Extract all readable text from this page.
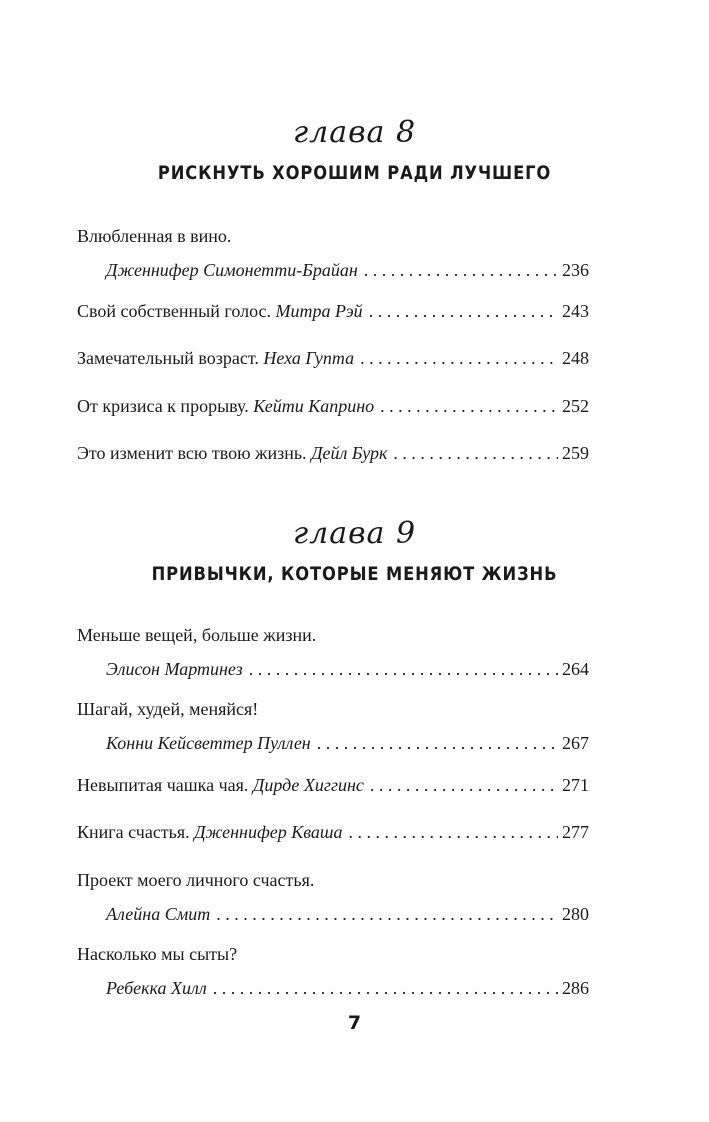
глава 8
РИСКНУТЬ ХОРОШИМ РАДИ ЛУЧШЕГО
Влюбленная в вино.
Дженнифер Симонетти-Брайан . . .	236
Свой собственный голос.
Митра Рэй . . .	243
Замечательный возраст.
Неха Гупта . . .	248
От кризиса к прорыву.
Кейти Каприно . . .	252
Это изменит всю твою жизнь.
Дейл Бурк . . .	259
глава 9
ПРИВЫЧКИ, КОТОРЫЕ МЕНЯЮТ ЖИЗНЬ
Меньше вещей, больше жизни.
Элисон Мартинез . . .	264
Шагай, худей, меняйся!
Конни Кейсветтер Пуллен . . .	267
Невыпитая чашка чая.
Дирде Хиггинс . . .	271
Книга счастья.
Дженнифер Кваша . . .	277
Проект моего личного счастья.
Алейна Смит . . .	280
Насколько мы сыты?
Ребекка Хилл . . .	286
7
